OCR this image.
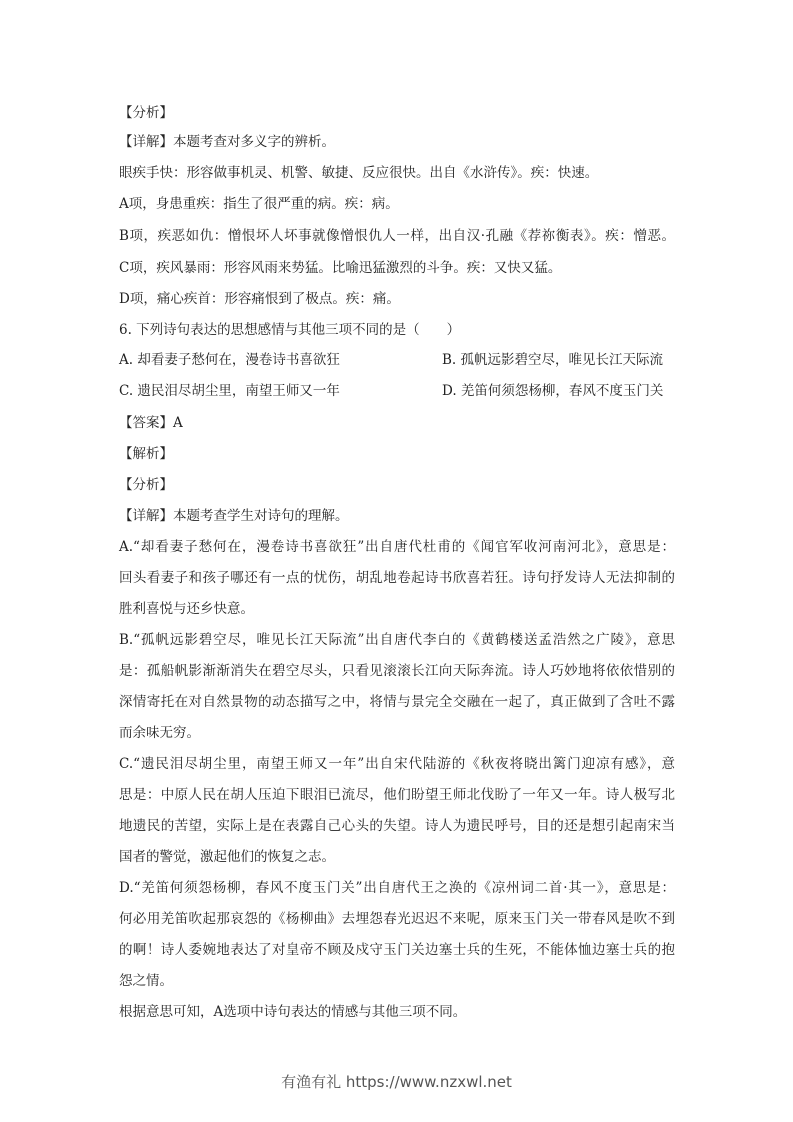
A. 却看妻子愁何在，漫卷诗书喜欲狂	B. 孤帆远影碧空尽，唯见长江天际流
C. 遗民泪尽胡尘里，南望王师又一年	D. 羌笛何须怨杨柳，春风不度玉门关
有渔有礼 https://www.nzxwl.net
【分析】
【详解】本题考查对多义字的辨析。
眼疾手快：形容做事机灵、机警、敏捷、反应很快。出自《水浒传》。疾：快速。
A项，身患重疾：指生了很严重的病。疾：病。
B项，疾恶如仇：憎恨坏人坏事就像憎恨仇人一样，出自汉·孔融《荐祢衡表》。疾：憎恶。
C项，疾风暴雨：形容风雨来势猛。比喻迅猛激烈的斗争。疾：又快又猛。
D项，痛心疾首：形容痛恨到了极点。疾：痛。
6. 下列诗句表达的思想感情与其他三项不同的是（　　）
【答案】A
【解析】
【分析】
【详解】本题考查学生对诗句的理解。
A.“却看妻子愁何在，漫卷诗书喜欲狂”出自唐代杜甫的《闻官军收河南河北》，意思是：
回头看妻子和孩子哪还有一点的忧伤，胡乱地卷起诗书欣喜若狂。诗句抒发诗人无法抑制的
胜利喜悦与还乡快意。
B.“孤帆远影碧空尽，唯见长江天际流”出自唐代李白的《黄鹤楼送孟浩然之广陵》，意思
是：孤船帆影渐渐消失在碧空尽头，只看见滚滚长江向天际奔流。诗人巧妙地将依依惜别的
深情寄托在对自然景物的动态描写之中，将情与景完全交融在一起了，真正做到了含吐不露
而余味无穷。
C.“遗民泪尽胡尘里，南望王师又一年”出自宋代陆游的《秋夜将晓出篱门迎凉有感》，意
思是：中原人民在胡人压迫下眼泪已流尽，他们盼望王师北伐盼了一年又一年。诗人极写北
地遗民的苦望，实际上是在表露自己心头的失望。诗人为遗民呼号，目的还是想引起南宋当
国者的警觉，激起他们的恢复之志。
D.“羌笛何须怨杨柳，春风不度玉门关”出自唐代王之涣的《凉州词二首·其一》，意思是：
何必用羌笛吹起那哀怨的《杨柳曲》去埋怨春光迟迟不来呢，原来玉门关一带春风是吹不到
的啊！诗人委婉地表达了对皇帝不顾及戍守玉门关边塞士兵的生死，不能体恤边塞士兵的抱
怨之情。
根据意思可知，A选项中诗句表达的情感与其他三项不同。
